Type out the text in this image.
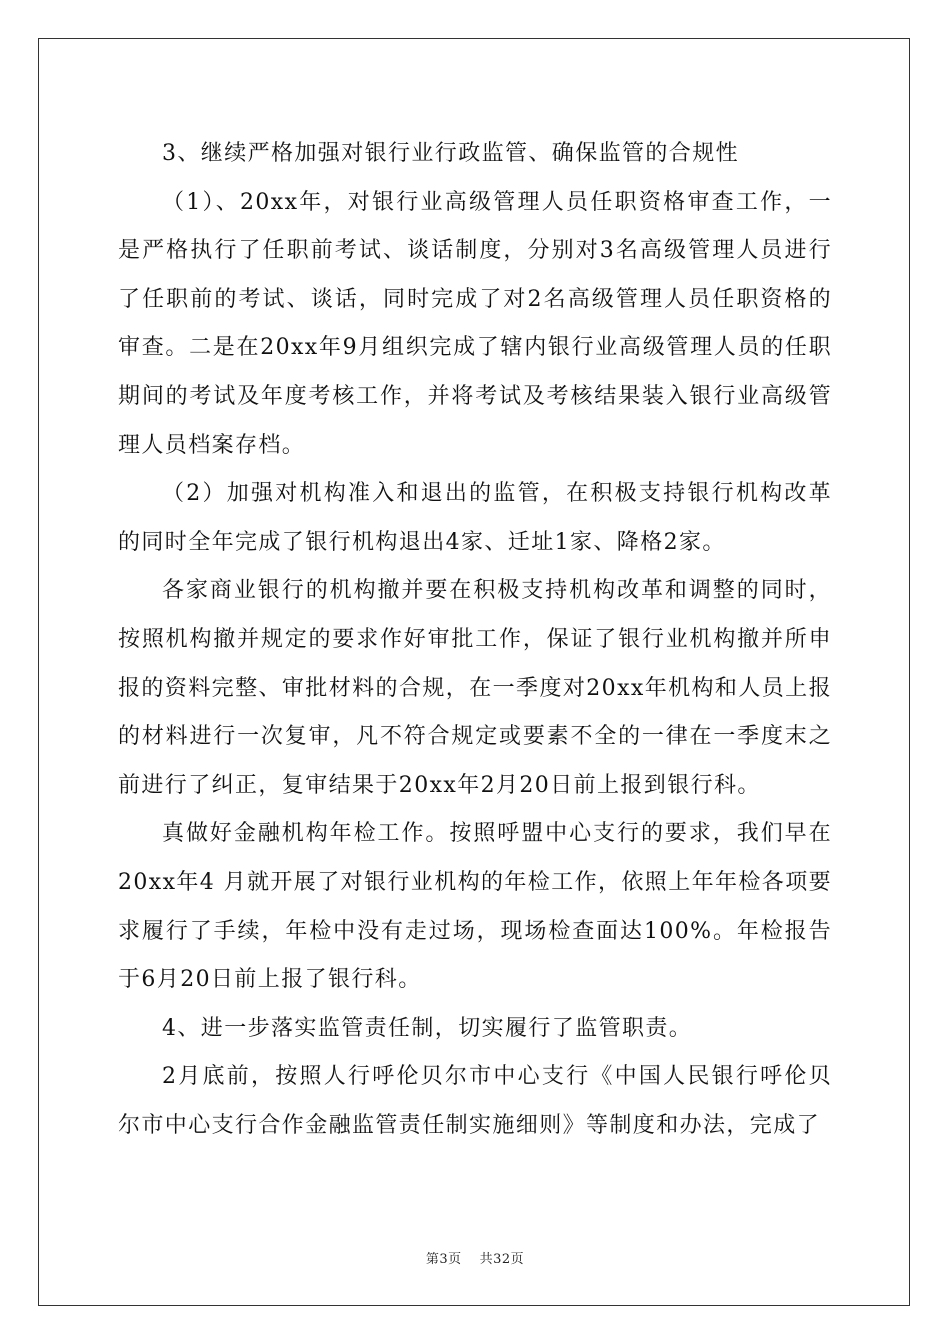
3、继续严格加强对银行业行政监管、确保监管的合规性

（1）、20xx年，对银行业高级管理人员任职资格审查工作，一是严格执行了任职前考试、谈话制度，分别对3名高级管理人员进行了任职前的考试、谈话，同时完成了对2名高级管理人员任职资格的审查。二是在20xx年9月组织完成了辖内银行业高级管理人员的任职期间的考试及年度考核工作，并将考试及考核结果装入银行业高级管理人员档案存档。

（2）加强对机构准入和退出的监管，在积极支持银行机构改革的同时全年完成了银行机构退出4家、迁址1家、降格2家。

各家商业银行的机构撤并要在积极支持机构改革和调整的同时，按照机构撤并规定的要求作好审批工作，保证了银行业机构撤并所申报的资料完整、审批材料的合规，在一季度对20xx年机构和人员上报的材料进行一次复审，凡不符合规定或要素不全的一律在一季度末之前进行了纠正，复审结果于20xx年2月20日前上报到银行科。

真做好金融机构年检工作。按照呼盟中心支行的要求，我们早在20xx年4 月就开展了对银行业机构的年检工作，依照上年年检各项要求履行了手续，年检中没有走过场，现场检查面达100%。年检报告于6月20日前上报了银行科。

4、进一步落实监管责任制，切实履行了监管职责。

2月底前，按照人行呼伦贝尔市中心支行《中国人民银行呼伦贝尔市中心支行合作金融监管责任制实施细则》等制度和办法，完成了

第3页 共32页
